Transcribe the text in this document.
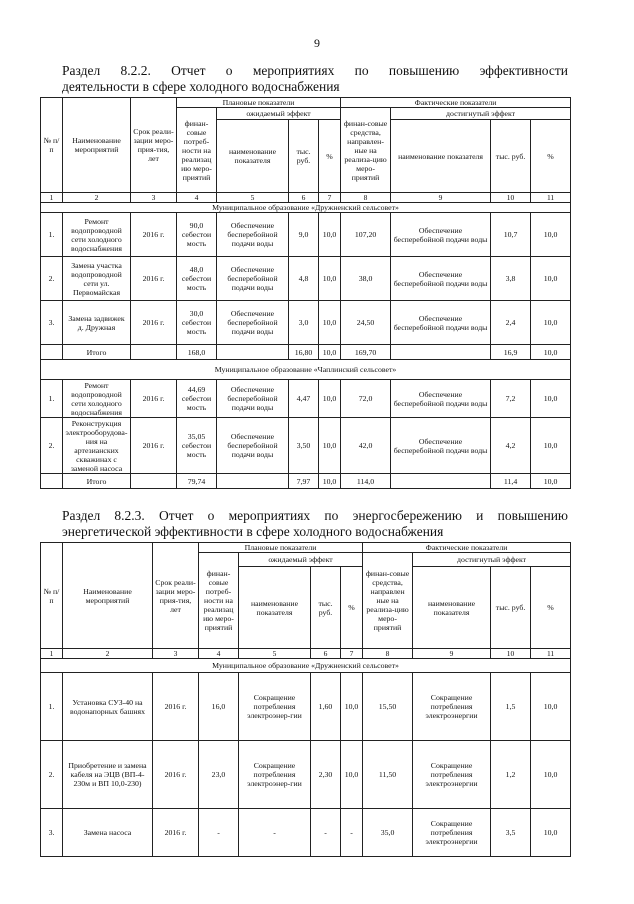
9
Раздел 8.2.2. Отчет о мероприятиях по повышению эффективности
деятельности в сфере холодного водоснабжения
№ п/ п	Наименование мероприятий	Срок реали-зации меро-прия-тия, лет	Плановые показатели				Фактические показатели			
			финан-совые потреб-ности на реализац ию меро-приятий	ожидаемый эффект			финан-совые средства, направлен-ные на реализа-цию меро-приятий	достигнутый эффект		
				наименование показателя	тыс. руб.	%		наименование показателя	тыс. руб.	%
1	2	3	4	5	6	7	8	9	10	11
Муниципальное образование «Дружненский сельсовет»										
1.	Ремонт водопроводной сети холодного водоснабжения	2016 г.	90,0 себестои мость	Обеспечение бесперебойной подачи воды	9,0	10,0	107,20	Обеспечение бесперебойной подачи воды	10,7	10,0
2.	Замена участка водопроводной сети ул. Первомайская	2016 г.	48,0 себестои мость	Обеспечение бесперебойной подачи воды	4,8	10,0	38,0	Обеспечение бесперебойной подачи воды	3,8	10,0
3.	Замена задвижек д. Дружная	2016 г.	30,0 себестои мость	Обеспечение бесперебойной подачи воды	3,0	10,0	24,50	Обеспечение бесперебойной подачи воды	2,4	10,0
	Итого		168,0		16,80	10,0	169,70		16,9	10,0
Муниципальное образование «Чаплинский сельсовет»										
1.	Ремонт водопроводной сети холодного водоснабжения	2016 г.	44,69 себестои мость	Обеспечение бесперебойной подачи воды	4,47	10,0	72,0	Обеспечение бесперебойной подачи воды	7,2	10,0
2.	Реконструкция электрооборудова-ния на артезианских скважинах с заменой насоса	2016 г.	35,05 себестои мость	Обеспечение бесперебойной подачи воды	3,50	10,0	42,0	Обеспечение бесперебойной подачи воды	4,2	10,0
	Итого		79,74		7,97	10,0	114,0		11,4	10,0
Раздел 8.2.3. Отчет о мероприятиях по энергосбережению и повышению
энергетической эффективности в сфере холодного водоснабжения
№ п/ п	Наименование мероприятий	Срок реали-зации меро-прия-тия, лет	Плановые показатели				Фактические показатели			
			финан-совые потреб-ности на реализац ию меро-приятий	ожидаемый эффект			финан-совые средства, направлен ные на реализа-цию меро-приятий	достигнутый эффект		
				наименование показателя	тыс. руб.	%		наименование показателя	тыс. руб.	%
1	2	3	4	5	6	7	8	9	10	11
Муниципальное образование «Дружненский сельсовет»										
1.	Установка СУЗ-40 на водонапорных башнях	2016 г.	16,0	Сокращение потребления электроэнер-гии	1,60	10,0	15,50	Сокращение потребления электроэнергии	1,5	10,0
2.	Приобретение и замена кабеля на ЭЦВ (ВП-4-230м и ВП 10,0-230)	2016 г.	23,0	Сокращение потребления электроэнер-гии	2,30	10,0	11,50	Сокращение потребления электроэнергии	1,2	10,0
3.	Замена насоса	2016 г.	-	-	-	-	35,0	Сокращение потребления электроэнергии	3,5	10,0
